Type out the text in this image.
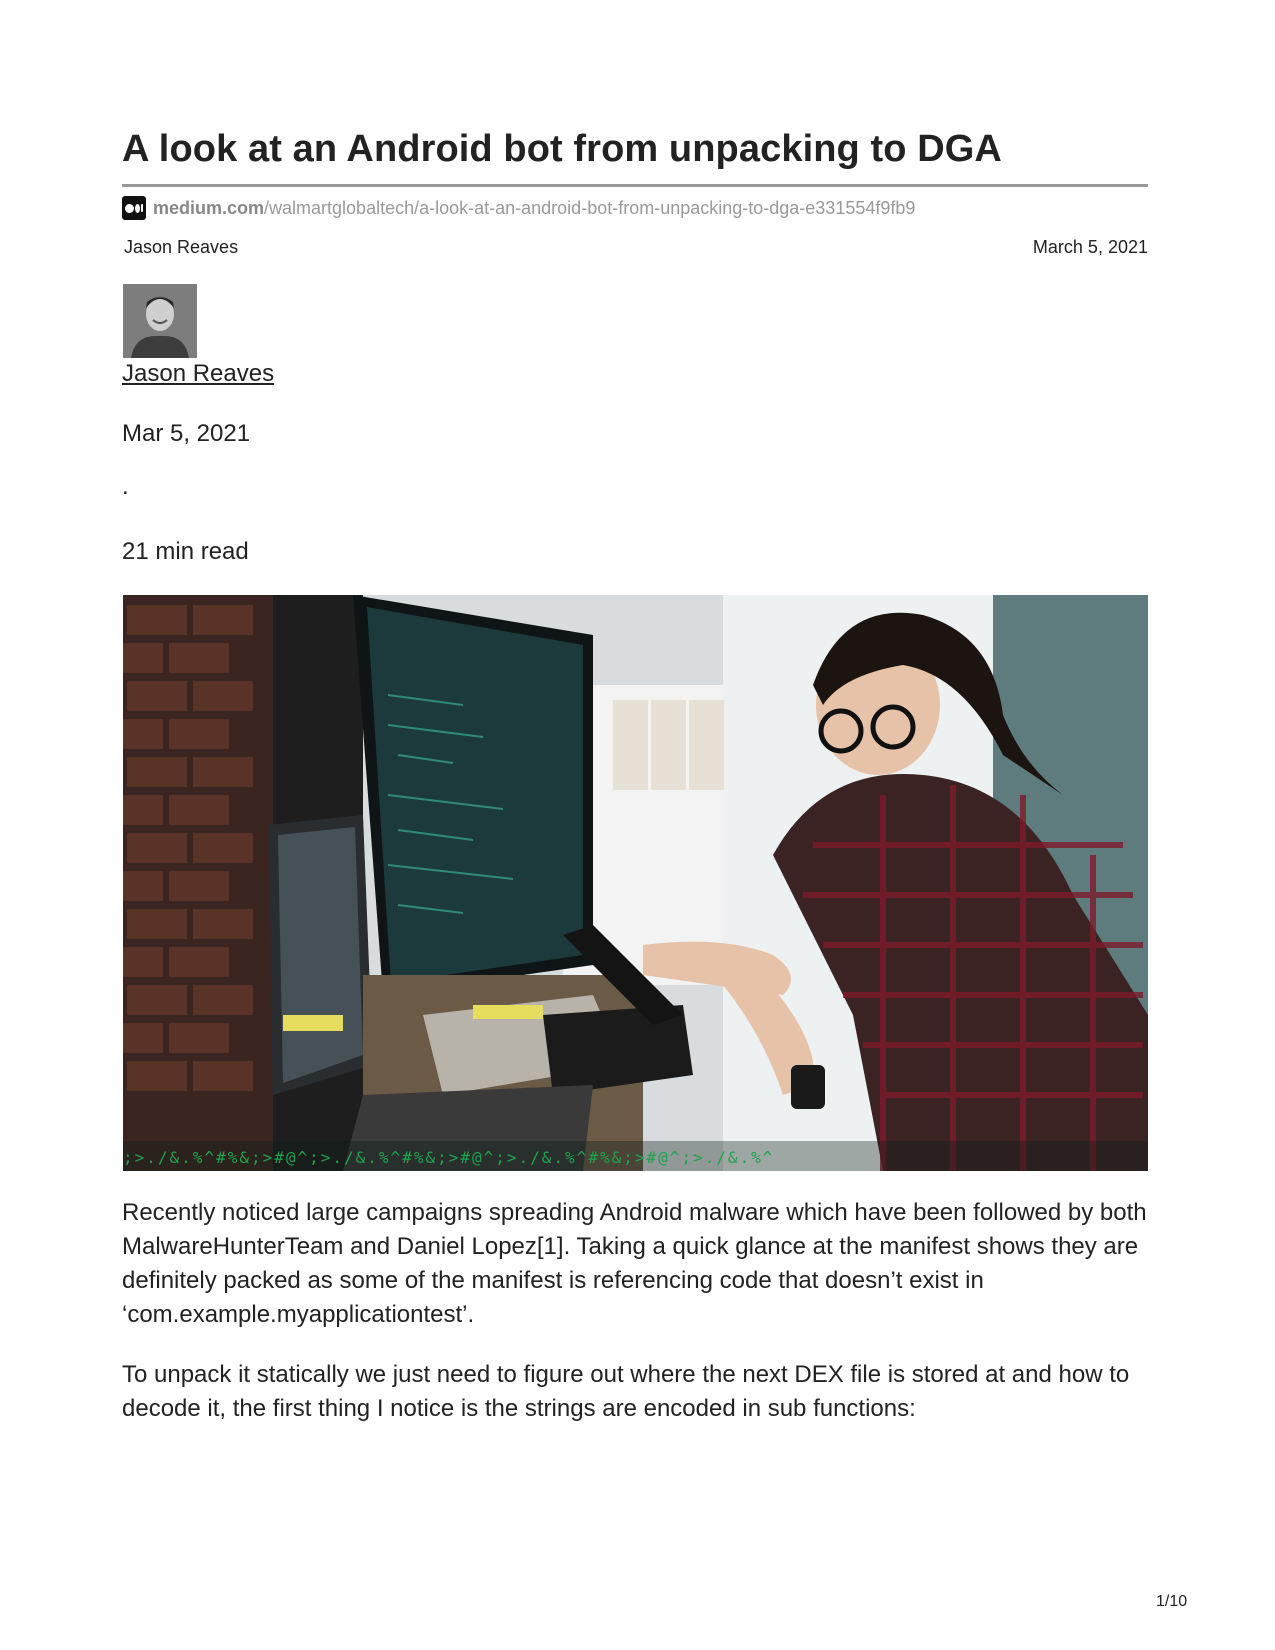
A look at an Android bot from unpacking to DGA
medium.com /walmartglobaltech/a-look-at-an-android-bot-from-unpacking-to-dga-e331554f9fb9
Jason Reaves	March 5, 2021
Jason Reaves
Mar 5, 2021
.
21 min read
;>./&.%^#%&;>#@^;>./&.%^#%&;>#@^;>./&.%^#%&;>#@^;>./&.%^

Recently noticed large campaigns spreading Android malware which have been followed by both MalwareHunterTeam and Daniel Lopez[1]. Taking a quick glance at the manifest shows they are definitely packed as some of the manifest is referencing code that doesn’t exist in ‘com.example.myapplicationtest’.

To unpack it statically we just need to figure out where the next DEX file is stored at and how to decode it, the first thing I notice is the strings are encoded in sub functions:

1/10
